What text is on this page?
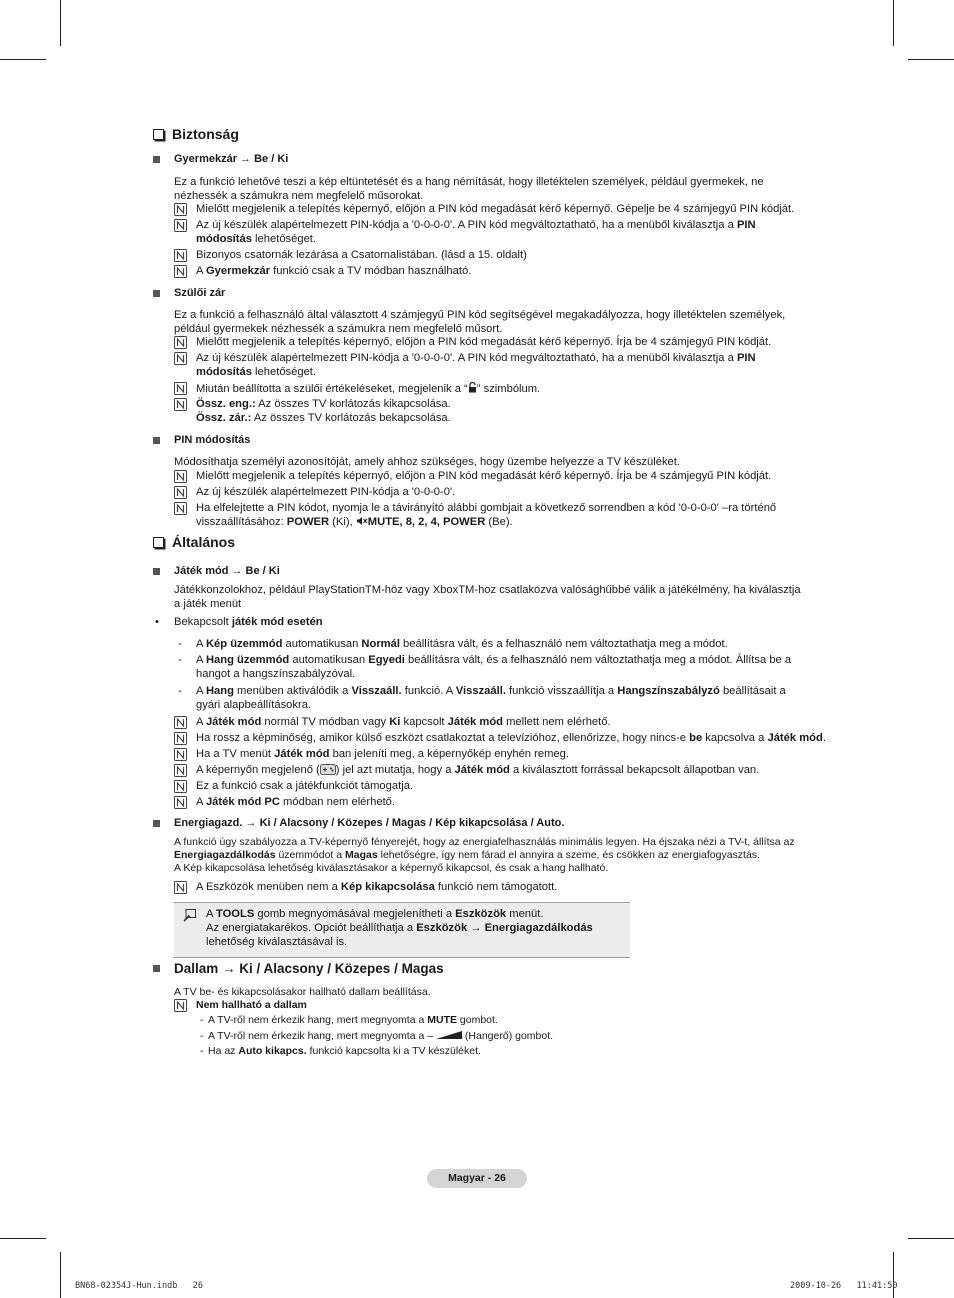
Biztonság
Gyermekzár → Be / Ki
Ez a funkció lehetővé teszi a kép eltüntetését és a hang némítását, hogy illetéktelen személyek, például gyermekek, ne
nézhessék a számukra nem megfelelő műsorokat.
Mielőtt megjelenik a telepítés képernyő, előjön a PIN kód megadását kérő képernyő. Gépelje be 4 számjegyű PIN kódját.
Az új készülék alapértelmezett PIN-kódja a '0-0-0-0'. A PIN kód megváltoztatható, ha a menüből kiválasztja a PIN
módosítás lehetőséget.
Bizonyos csatornák lezárása a Csatornalistában. (lásd a 15. oldalt)
A Gyermekzár funkció csak a TV módban használható.
Szülői zár
Ez a funkció a felhasználó által választott 4 számjegyű PIN kód segítségével megakadályozza, hogy illetéktelen személyek,
például gyermekek nézhessék a számukra nem megfelelő műsort.
Mielőtt megjelenik a telepítés képernyő, előjön a PIN kód megadását kérő képernyő. Írja be 4 számjegyű PIN kódját.
Az új készülék alapértelmezett PIN-kódja a '0-0-0-0'. A PIN kód megváltoztatható, ha a menüből kiválasztja a PIN
módosítás lehetőséget.
Miután beállította a szülői értékeléseket, megjelenik a “ ” szimbólum.
Össz. eng.: Az összes TV korlátozás kikapcsolása.
Össz. zár.: Az összes TV korlátozás bekapcsolása.
PIN módosítás
Módosíthatja személyi azonosítóját, amely ahhoz szükséges, hogy üzembe helyezze a TV készüléket.
Mielőtt megjelenik a telepítés képernyő, előjön a PIN kód megadását kérő képernyő. Írja be 4 számjegyű PIN kódját.
Az új készülék alapértelmezett PIN-kódja a '0-0-0-0'.
Ha elfelejtette a PIN kódot, nyomja le a távirányító alábbi gombjait a következő sorrendben a kód '0-0-0-0' –ra történő
visszaállításához: POWER (Ki), MUTE, 8, 2, 4, POWER (Be).
Általános
Játék mód → Be / Ki
Játékkonzolokhoz, például PlayStationTM-höz vagy XboxTM-hoz csatlakozva valósághűbbé válik a játékélmény, ha kiválasztja
a játék menüt
•	Bekapcsolt játék mód esetén
-	A Kép üzemmód automatikusan Normál beállításra vált, és a felhasználó nem változtathatja meg a módot.
-	A Hang üzemmód automatikusan Egyedi beállításra vált, és a felhasználó nem változtathatja meg a módot. Állítsa be a
hangot a hangszínszabályzóval.
-	A Hang menüben aktiválódik a Visszaáll. funkció. A Visszaáll. funkció visszaállítja a Hangszínszabályzó beállításait a
gyári alapbeállításokra.
A Játék mód normál TV módban vagy Ki kapcsolt Játék mód mellett nem elérhető.
Ha rossz a képminőség, amikor külső eszközt csatlakoztat a televízióhoz, ellenőrizze, hogy nincs-e be kapcsolva a Játék mód.
Ha a TV menüt Játék mód ban jeleníti meg, a képernyőkép enyhén remeg.
A képernyőn megjelenő ( ) jel azt mutatja, hogy a Játék mód a kiválasztott forrással bekapcsolt állapotban van.
Ez a funkció csak a játékfunkciót támogatja.
A Játék mód PC módban nem elérhető.
Energiagazd. → Ki / Alacsony / Közepes / Magas / Kép kikapcsolása / Auto.
A funkció úgy szabályozza a TV-képernyő fényerejét, hogy az energiafelhasználás minimális legyen. Ha éjszaka nézi a TV-t, állítsa az
Energiagazdálkodás üzemmódot a Magas lehetőségre, így nem fárad el annyira a szeme, és csökken az energiafogyasztás.
A Kép kikapcsolása lehetőség kiválasztásakor a képernyő kikapcsol, és csak a hang hallható.
A Eszközök menüben nem a Kép kikapcsolása funkció nem támogatott.
A TOOLS gomb megnyomásával megjelenítheti a Eszközök menüt.
Az energiatakarékos. Opciót beállíthatja a Eszközök → Energiagazdálkodás
lehetőség kiválasztásával is.
Dallam → Ki / Alacsony / Közepes / Magas
A TV be- és kikapcsolásakor hallható dallam beállítása.
Nem hallható a dallam
- A TV-ről nem érkezik hang, mert megnyomta a MUTE gombot.
- A TV-ről nem érkezik hang, mert megnyomta a –  (Hangerő) gombot.
- Ha az Auto kikapcs. funkció kapcsolta ki a TV készüléket.
Magyar - 26
BN68-02354J-Hun.indb   26	2009-10-26   11:41:50
